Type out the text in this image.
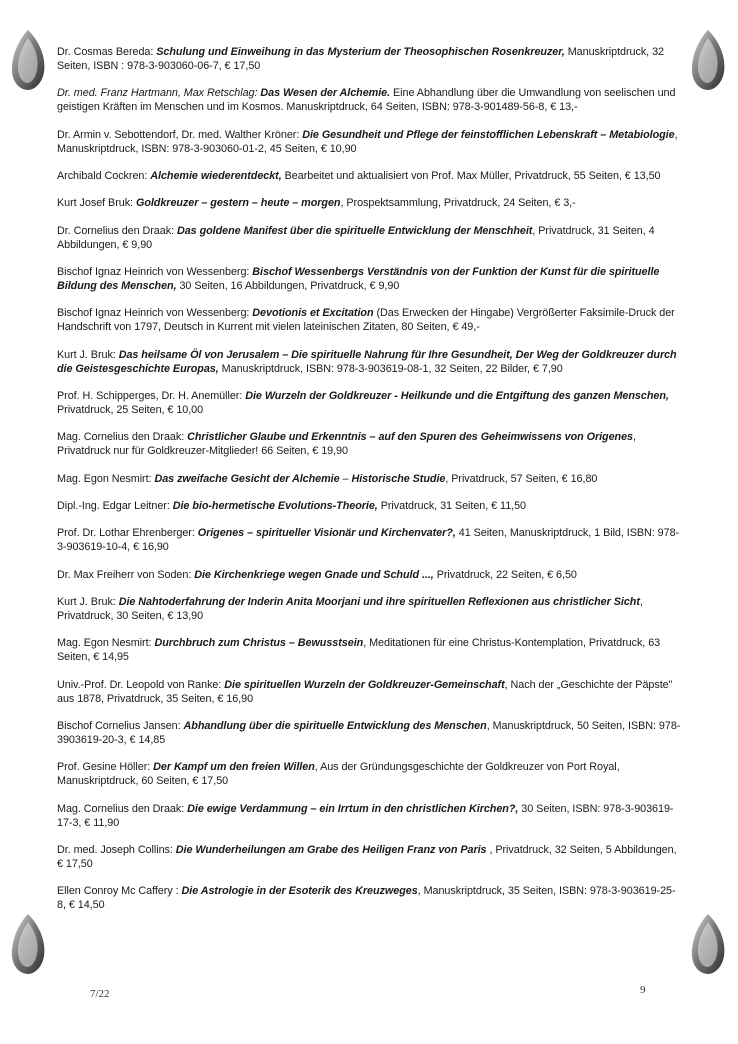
Dr. Cosmas Bereda: Schulung und Einweihung in das Mysterium der Theosophischen Rosenkreuzer, Manuskriptdruck, 32 Seiten, ISBN : 978-3-903060-06-7, € 17,50

Dr. med. Franz Hartmann, Max Retschlag: Das Wesen der Alchemie. Eine Abhandlung über die Umwandlung von seelischen und geistigen Kräften im Menschen und im Kosmos. Manuskriptdruck, 64 Seiten, ISBN: 978-3-901489-56-8, € 13,-

Dr. Armin v. Sebottendorf, Dr. med. Walther Kröner: Die Gesundheit und Pflege der feinstofflichen Lebenskraft – Metabiologie, Manuskriptdruck, ISBN: 978-3-903060-01-2, 45 Seiten, € 10,90

Archibald Cockren: Alchemie wiederentdeckt, Bearbeitet und aktualisiert von Prof. Max Müller, Privatdruck, 55 Seiten, € 13,50

Kurt Josef Bruk: Goldkreuzer – gestern – heute – morgen, Prospektsammlung, Privatdruck, 24 Seiten, € 3,-

Dr. Cornelius den Draak: Das goldene Manifest über die spirituelle Entwicklung der Menschheit, Privatdruck, 31 Seiten, 4 Abbildungen, € 9,90

Bischof Ignaz Heinrich von Wessenberg: Bischof Wessenbergs Verständnis von der Funktion der Kunst für die spirituelle Bildung des Menschen, 30 Seiten, 16 Abbildungen, Privatdruck, € 9,90

Bischof Ignaz Heinrich von Wessenberg: Devotionis et Excitation (Das Erwecken der Hingabe) Vergrößerter Faksimile-Druck der Handschrift von 1797, Deutsch in Kurrent mit vielen lateinischen Zitaten, 80 Seiten, € 49,-

Kurt J. Bruk: Das heilsame Öl von Jerusalem – Die spirituelle Nahrung für Ihre Gesundheit, Der Weg der Goldkreuzer durch die Geistesgeschichte Europas, Manuskriptdruck, ISBN: 978-3-903619-08-1, 32 Seiten, 22 Bilder, € 7,90

Prof. H. Schipperges, Dr. H. Anemüller: Die Wurzeln der Goldkreuzer - Heilkunde und die Entgiftung des ganzen Menschen, Privatdruck, 25 Seiten, € 10,00

Mag. Cornelius den Draak: Christlicher Glaube und Erkenntnis – auf den Spuren des Geheimwissens von Origenes, Privatdruck nur für Goldkreuzer-Mitglieder! 66 Seiten, € 19,90

Mag. Egon Nesmirt: Das zweifache Gesicht der Alchemie – Historische Studie, Privatdruck, 57 Seiten, € 16,80

Dipl.-Ing. Edgar Leitner: Die bio-hermetische Evolutions-Theorie, Privatdruck, 31 Seiten, € 11,50

Prof. Dr. Lothar Ehrenberger: Origenes – spiritueller Visionär und Kirchenvater?, 41 Seiten, Manuskriptdruck, 1 Bild, ISBN: 978-3-903619-10-4, € 16,90

Dr. Max Freiherr von Soden: Die Kirchenkriege wegen Gnade und Schuld ..., Privatdruck, 22 Seiten, € 6,50

Kurt J. Bruk: Die Nahtoderfahrung der Inderin Anita Moorjani und ihre spirituellen Reflexionen aus christlicher Sicht, Privatdruck, 30 Seiten, € 13,90

Mag. Egon Nesmirt: Durchbruch zum Christus – Bewusstsein, Meditationen für eine Christus-Kontemplation, Privatdruck, 63 Seiten, € 14,95

Univ.-Prof. Dr. Leopold von Ranke: Die spirituellen Wurzeln der Goldkreuzer-Gemeinschaft, Nach der „Geschichte der Päpste" aus 1878, Privatdruck, 35 Seiten, € 16,90

Bischof Cornelius Jansen: Abhandlung über die spirituelle Entwicklung des Menschen, Manuskriptdruck, 50 Seiten, ISBN: 978-3903619-20-3, € 14,85

Prof. Gesine Höller: Der Kampf um den freien Willen, Aus der Gründungsgeschichte der Goldkreuzer von Port Royal, Manuskriptdruck, 60 Seiten, € 17,50

Mag. Cornelius den Draak: Die ewige Verdammung – ein Irrtum in den christlichen Kirchen?, 30 Seiten, ISBN: 978-3-903619-17-3, € 11,90

Dr. med. Joseph Collins: Die Wunderheilungen am Grabe des Heiligen Franz von Paris , Privatdruck, 32 Seiten, 5 Abbildungen, € 17,50

Ellen Conroy Mc Caffery : Die Astrologie in der Esoterik des Kreuzweges, Manuskriptdruck, 35 Seiten, ISBN: 978-3-903619-25-8, € 14,50

7/22	9
